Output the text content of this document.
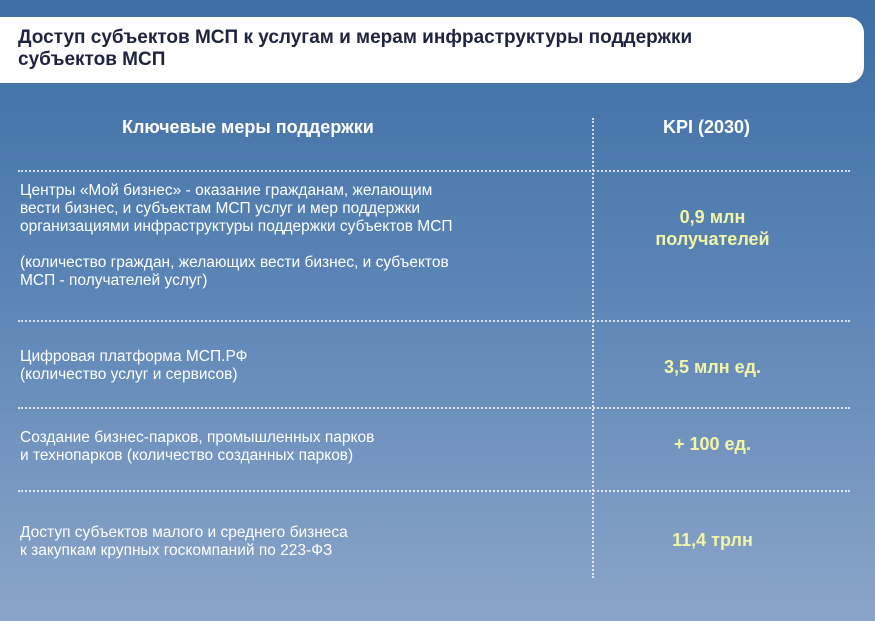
Доступ субъектов МСП к услугам и мерам инфраструктуры поддержки
субъектов МСП
Ключевые меры поддержки	KPI (2030)
Центры «Мой бизнес» - оказание гражданам, желающим
вести бизнес, и субъектам МСП услуг и мер поддержки
организациями инфраструктуры поддержки субъектов МСП
(количество граждан, желающих вести бизнес, и субъектов
МСП - получателей услуг)
0,9 млн
получателей
Цифровая платформа МСП.РФ
(количество услуг и сервисов)	3,5 млн ед.
Создание бизнес-парков, промышленных парков
и технопарков (количество созданных парков)
+ 100 ед.
Доступ субъектов малого и среднего бизнеса
к закупкам крупных госкомпаний по 223-ФЗ
11,4 трлн
